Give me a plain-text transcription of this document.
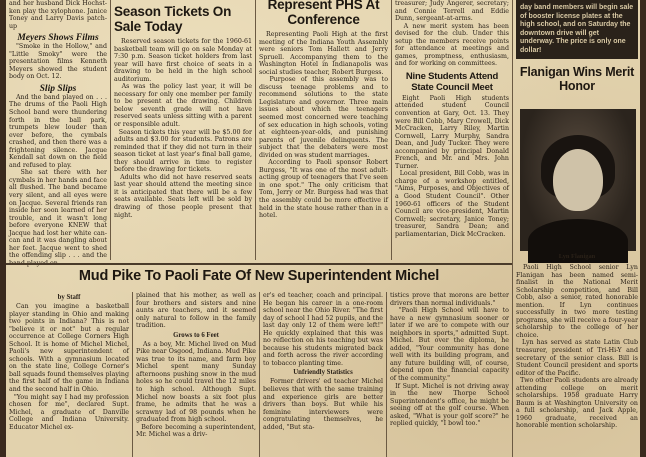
and her husband Dick Hochst-ken play the xylophone. Janice Toney and Larry Davis patch-up

Meyers Shows Films

"Smoke in the Hollow," and "Little Smoky" were the presentation films Kenneth Meyers showed the student body on Oct. 12.

Slip Slips

And the band played on . . . The drums of the Paoli High School band were thundering forth in the ball park, trumpets blew louder than ever before, the cymbals crashed, and then there was a frightening silence. Jacque Kendall sat down on the field and refused to play.
She sat there with her cymbals in her hands and face all flushed. The band became very silent, and all eyes were on Jacque. Several friends ran inside her soon learned of her trouble, and it wasn't long before everyone KNEW that Jacque had lost her white can-can and it was dangling about her feet. Jacque went to shed the offending slip . . . and the

Season Tickets On Sale Today

Reserved season tickets for the 1960-61 basketball team will go on sale Monday at 7:30 p.m. Season ticket holders from last year will have first choice of seats in a drawing to be held in the high school auditorium.
As was the policy last year, it will be necessary for only one member per family to be present at the drawing. Children below seventh grade will not have reserved seats unless sitting with a parent or responsible adult.
Season tickets this year will be $5.00 for adults and $3.00 for students. Patrons are reminded that if they did not turn in their season ticket at last year's final ball game, they should arrive in time to register before the drawing for tickets.
Adults who did not have reserved seats last year should attend the meeting since it is anticipated that there will be a few seats available. Seats left will be sold by drawing of those people present that night.

Represent PHS At Conference

Representing Paoli High at the first meeting of the Indiana Youth Assembly were seniors Tom Hallett and Jerry Spruell. Accompanying them to the Washington Hotel in Indianapolis was social studies teacher, Robert Burgess.
Purpose of this assembly was to discuss teenage problems and to recommend solutions to the state Legislature and governor. Three main issues about which the teenagers seemed most concerned were teaching of sex education in high schools, voting at eighteen-year-olds, and punishing parents of juvenile delinquents. The subject that the debaters were most divided on was student marriages.
According to Paoli sponsor Robert Burgess, "It was one of the most adult-acting group of teenagers that I've seen in one spot." The only criticism that Tom, Jerry or Mr. Burgess had was that the assembly could be more effective if held in the state house rather than in a hotel.

treasurer; Judy Angerer, secretary; and Connie Terrell and Eddie Dunn, sergeant-at-arms.
A new merit system has been devised for the club. Under this setup the members receive points for attendance at meetings and games, promptness, enthusiasm, and for working on committees.

Nine Students Attend State Council Meet

Eight Paoli High students attended student Council convention at Gary, Oct. 13. They were Bill Cobb, Mary Crowell, Dick McCracken, Larry Riley, Martin Cornwell, Larry Murphy, Sandra Dean, and Judy Tucker. They were accompanied by principal Donald French, and Mr. and Mrs. John Turner.
Local president, Bill Cobb, was in charge of a workshop entitled, "Aims, Purposes, and Objectives of a Good Student Council". Other 1960-61 officers of the Student Council are vice-president, Martin Cornwell; secretary, Janice Toney; treasurer, Sandra Dean; and parliamentarian, Dick McCracken.

day band members will begin sale of booster license plates at the high school, and on Saturday the downtown drive will get underway. The price is only one dollar!

Flanigan Wins Merit Honor

Lyn Flanigan

Paoli High School senior Lyn Flanigan has been named semi-finalist in the National Merit Scholarship competition, and Bill Cobb, also a senior, rated honorable mention. If Lyn continues successfully in two more testing programs, she will receive a four-year scholarship to the college of her choice.
Lyn has served as state Latin Club treasurer, president of Tri-Hi-Y and secretary of the senior class. Bill is Student Council president and sports editor of the Pacific.
Two other Paoli students are already attending college on merit scholarships. 1958 graduate Harry Baum is at Washington University on a full scholarship, and Jack Apple, 1960 graduate, received an honorable mention scholarship.

Mud Pike To Paoli Fate Of New Superintendent Michel

by Staff

Can you imagine a basketball player standing in Ohio and making two points in Indiana? This is not "believe it or not" but a regular occurrence at College Corners High School. It is home of Michel Michel, Paoli's new superintendent of schools. With a gymnasium located on the state line, College Corner's ball squads found themselves playing the first half of the game in Indiana and the second half in Ohio.
"You might say I had my profession chosen for me", declared Supt. Michel, a graduate of Danville College and Indiana University. Educator Michel ex-

plained that his mother, as well as four brothers and sisters and nine aunts are teachers, and it seemed only natural to follow in the family tradition.

Grows to 6 Feet

As a boy, Mr. Michel lived on Mud Pike near Osgood, Indiana. Mud Pike was true to its name, and farm boy Michel spent many Sunday afternoons pushing snow in the mud holes so he could travel the 12 miles to high school. Although Supt. Michel now boasts a six foot plus frame, he admits that he was a scrawny lad of 98 pounds when he graduated from high school.
Before becoming a superintendent, Mr. Michel was a driv-

er's ed teacher, coach and principal. He began his career in a one-room school near the Ohio River. "The first day of school I had 52 pupils, and the last day only 12 of them were left!" He quickly explained that this was no reflection on his teaching but was because his students migrated back and forth across the river according to tobacco planting time.

Unfriendly Statistics

Former drivers' ed teacher Michel believes that with the same training and experience girls are better drivers than boys. But while his feminine interviewers were congratulating themselves, he added, "But sta-

tistics prove that morons are better drivers than normal individuals."
"Paoli High School will have to have a new gymnasium sooner or later if we are to compete with our neighbors in sports," admitted Supt. Michel. But over the diploma, he added, "Your community has done well with its building program, and any future building will, of course, depend upon the financial capacity of the community."
If Supt. Michel is not driving away in the new Thorpe School Superintendent's office, he might be seeing off at the golf course. When asked, "What is your golf score?" he replied quickly, "I bowl too."
